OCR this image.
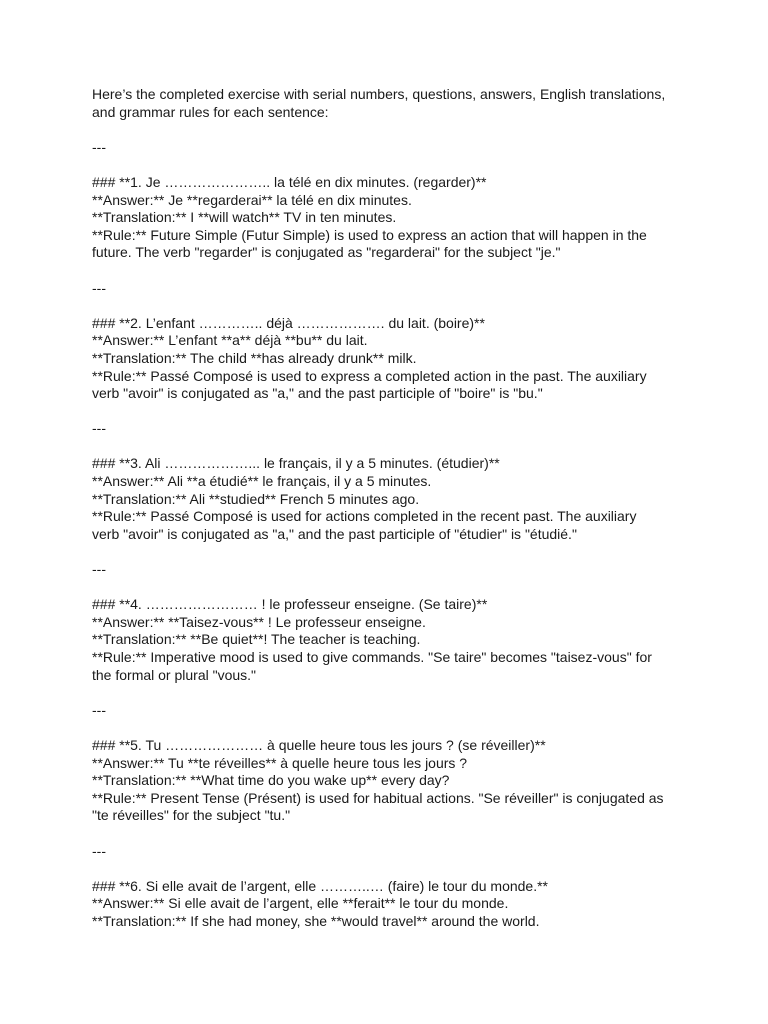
Here’s the completed exercise with serial numbers, questions, answers, English translations, and grammar rules for each sentence:

---

### **1. Je ………………….. la télé en dix minutes. (regarder)**

**Answer:** Je **regarderai** la télé en dix minutes.

**Translation:** I **will watch** TV in ten minutes.

**Rule:** Future Simple (Futur Simple) is used to express an action that will happen in the

future. The verb "regarder" is conjugated as "regarderai" for the subject "je."

---

### **2. L’enfant ………….. déjà ………………. du lait. (boire)**

**Answer:** L’enfant **a** déjà **bu** du lait.

**Translation:** The child **has already drunk** milk.

**Rule:** Passé Composé is used to express a completed action in the past. The auxiliary

verb "avoir" is conjugated as "a," and the past participle of "boire" is "bu."

---

### **3. Ali ………………... le français, il y a 5 minutes. (étudier)**

**Answer:** Ali **a étudié** le français, il y a 5 minutes.

**Translation:** Ali **studied** French 5 minutes ago.

**Rule:** Passé Composé is used for actions completed in the recent past. The auxiliary

verb "avoir" is conjugated as "a," and the past participle of "étudier" is "étudié."

---

### **4. …………………… ! le professeur enseigne. (Se taire)**

**Answer:** **Taisez-vous** ! Le professeur enseigne.

**Translation:** **Be quiet**! The teacher is teaching.

**Rule:** Imperative mood is used to give commands. "Se taire" becomes "taisez-vous" for

the formal or plural "vous."

---

### **5. Tu ………………… à quelle heure tous les jours ? (se réveiller)**

**Answer:** Tu **te réveilles** à quelle heure tous les jours ?

**Translation:** **What time do you wake up** every day?

**Rule:** Present Tense (Présent) is used for habitual actions. "Se réveiller" is conjugated as

"te réveilles" for the subject "tu."

---

### **6. Si elle avait de l’argent, elle ………..… (faire) le tour du monde.**

**Answer:** Si elle avait de l’argent, elle **ferait** le tour du monde.

**Translation:** If she had money, she **would travel** around the world.
